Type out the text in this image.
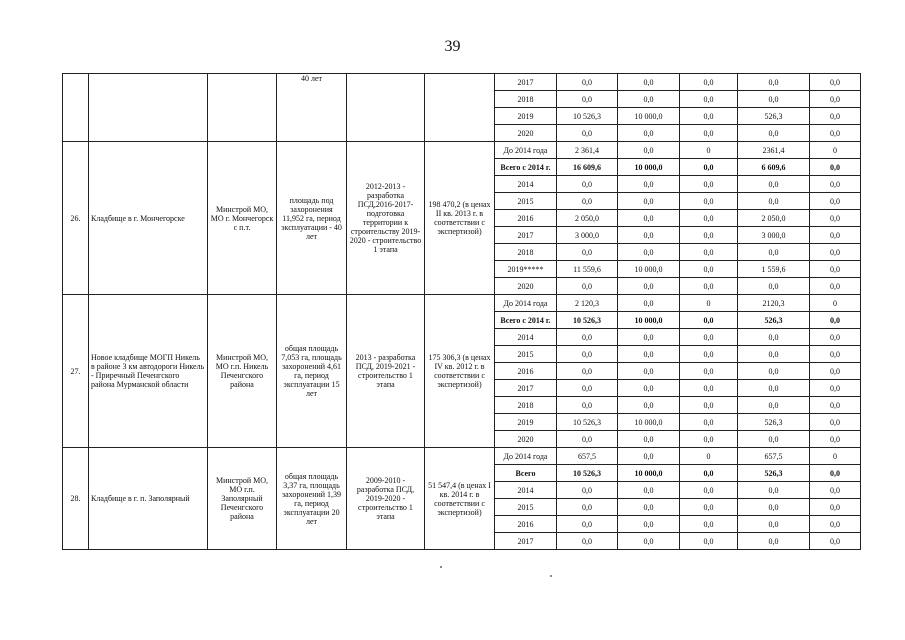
39
			40 лет			2017	0,0	0,0	0,0	0,0	0,0
						2018	0,0	0,0	0,0	0,0	0,0
						2019	10 526,3	10 000,0	0,0	526,3	0,0
						2020	0,0	0,0	0,0	0,0	0,0
26.	Кладбище в г. Мончегорске	Минстрой МО, МО г. Мончегорск с п.т.	площадь под захоронения 11,952 га, период эксплуатации - 40 лет	2012-2013 - разработка ПСД,2016-2017- подготовка территории к строительству 2019-2020 - строительство 1 этапа	198 470,2 (в ценах II кв. 2013 г. в соответствии с экспертизой)	До 2014 года	2 361,4	0,0	0	2361,4	0
						Всего с 2014 г.	16 609,6	10 000,0	0,0	6 609,6	0,0
						2014	0,0	0,0	0,0	0,0	0,0
						2015	0,0	0,0	0,0	0,0	0,0
						2016	2 050,0	0,0	0,0	2 050,0	0,0
						2017	3 000,0	0,0	0,0	3 000,0	0,0
						2018	0,0	0,0	0,0	0,0	0,0
						2019*****	11 559,6	10 000,0	0,0	1 559,6	0,0
						2020	0,0	0,0	0,0	0,0	0,0
27.	Новое кладбище МОГП Никель в районе 3 км автодороги Никель - Приречный Печенгского района Мурманской области	Минстрой МО, МО г.п. Никель Печенгского района	общая площадь 7,053 га, площадь захоронений 4,61 га, период эксплуатации 15 лет	2013 - разработка ПСД, 2019-2021 - строительство 1 этапа	175 306,3 (в ценах IV кв. 2012 г. в соответствии с экспертизой)	До 2014 года	2 120,3	0,0	0	2120,3	0
						Всего с 2014 г.	10 526,3	10 000,0	0,0	526,3	0,0
						2014	0,0	0,0	0,0	0,0	0,0
						2015	0,0	0,0	0,0	0,0	0,0
						2016	0,0	0,0	0,0	0,0	0,0
						2017	0,0	0,0	0,0	0,0	0,0
						2018	0,0	0,0	0,0	0,0	0,0
						2019	10 526,3	10 000,0	0,0	526,3	0,0
						2020	0,0	0,0	0,0	0,0	0,0
28.	Кладбище в г. п. Заполярный	Минстрой МО, МО г.п. Заполярный Печенгского района	общая площадь 3,37 га, площадь захоронений 1,39 га, период эксплуатации 20 лет	2009-2010 - разработка ПСД, 2019-2020 - строительство 1 этапа	51 547,4 (в ценах I кв. 2014 г. в соответствии с экспертизой)	До 2014 года	657,5	0,0	0	657,5	0
						Всего	10 526,3	10 000,0	0,0	526,3	0,0
						2014	0,0	0,0	0,0	0,0	0,0
						2015	0,0	0,0	0,0	0,0	0,0
						2016	0,0	0,0	0,0	0,0	0,0
						2017	0,0	0,0	0,0	0,0	0,0
